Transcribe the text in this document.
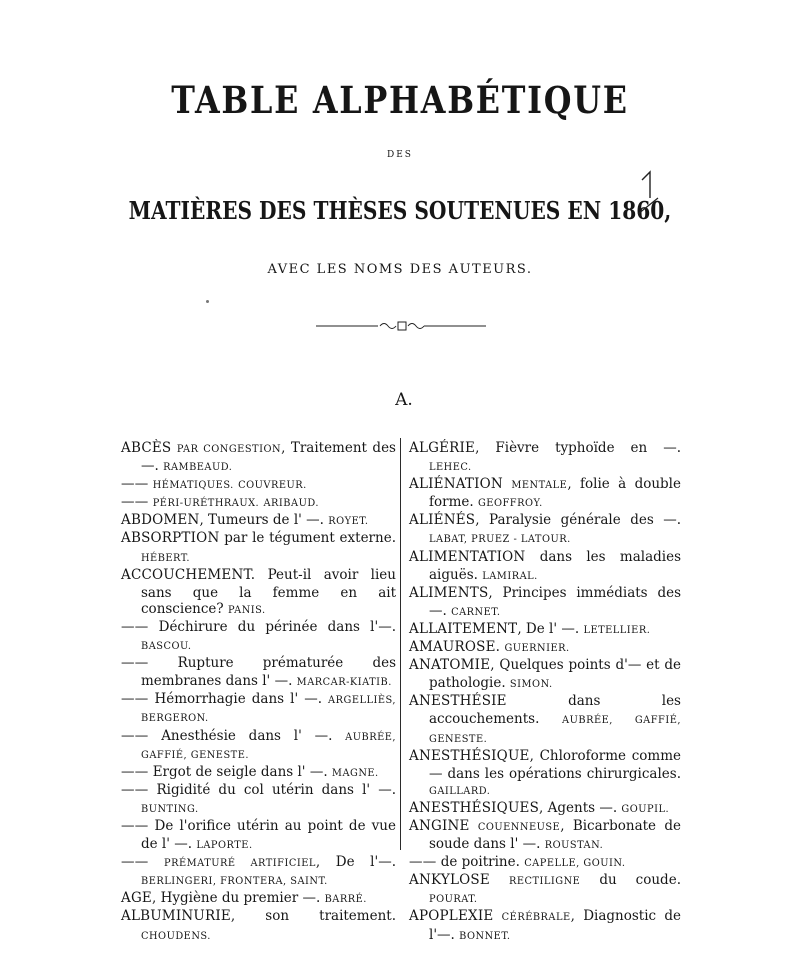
TABLE ALPHABÉTIQUE
DES
MATIÈRES DES THÈSES SOUTENUES EN 1860,
AVEC LES NOMS DES AUTEURS.
A.

ABCÈS PAR CONGESTION, Traitement des —. RAMBEAUD.

—— HÉMATIQUES. COUVREUR.

—— PÉRI-URÉTHRAUX. ARIBAUD.

ABDOMEN, Tumeurs de l' —. ROYET.

ABSORPTION par le tégument externe. HÉBERT.

ACCOUCHEMENT. Peut-il avoir lieu sans que la femme en ait conscience? PANIS.

—— Déchirure du périnée dans l'—. BASCOU.

—— Rupture prématurée des membranes dans l' —. MARCAR-KIATIB.

—— Hémorrhagie dans l' —. ARGELLIÈS, BERGERON.

—— Anesthésie dans l' —. AUBRÉE, GAFFIÉ, GENESTE.

—— Ergot de seigle dans l' —. MAGNE.

—— Rigidité du col utérin dans l' —. BUNTING.

—— De l'orifice utérin au point de vue de l' —. LAPORTE.

—— PRÉMATURÉ ARTIFICIEL, De l'—. BERLINGERI, FRONTERA, SAINT.

AGE, Hygiène du premier —. BARRÉ.

ALBUMINURIE, son traitement. CHOUDENS.

ALGÉRIE, Fièvre typhoïde en —. LEHEC.

ALIÉNATION MENTALE, folie à double forme. GEOFFROY.

ALIÉNÉS, Paralysie générale des —. LABAT, PRUEZ - LATOUR.

ALIMENTATION dans les maladies aiguës. LAMIRAL.

ALIMENTS, Principes immédiats des —. CARNET.

ALLAITEMENT, De l' —. LETELLIER.

AMAUROSE. GUERNIER.

ANATOMIE, Quelques points d'— et de pathologie. SIMON.

ANESTHÉSIE dans les accouchements. AUBRÉE, GAFFIÉ, GENESTE.

ANESTHÉSIQUE, Chloroforme comme — dans les opérations chirurgicales. GAILLARD.

ANESTHÉSIQUES, Agents —. GOUPIL.

ANGINE COUENNEUSE, Bicarbonate de soude dans l' —. ROUSTAN.

—— de poitrine. CAPELLE, GOUIN.

ANKYLOSE RECTILIGNE du coude. POURAT.

APOPLEXIE CÉRÉBRALE, Diagnostic de l'—. BONNET.
